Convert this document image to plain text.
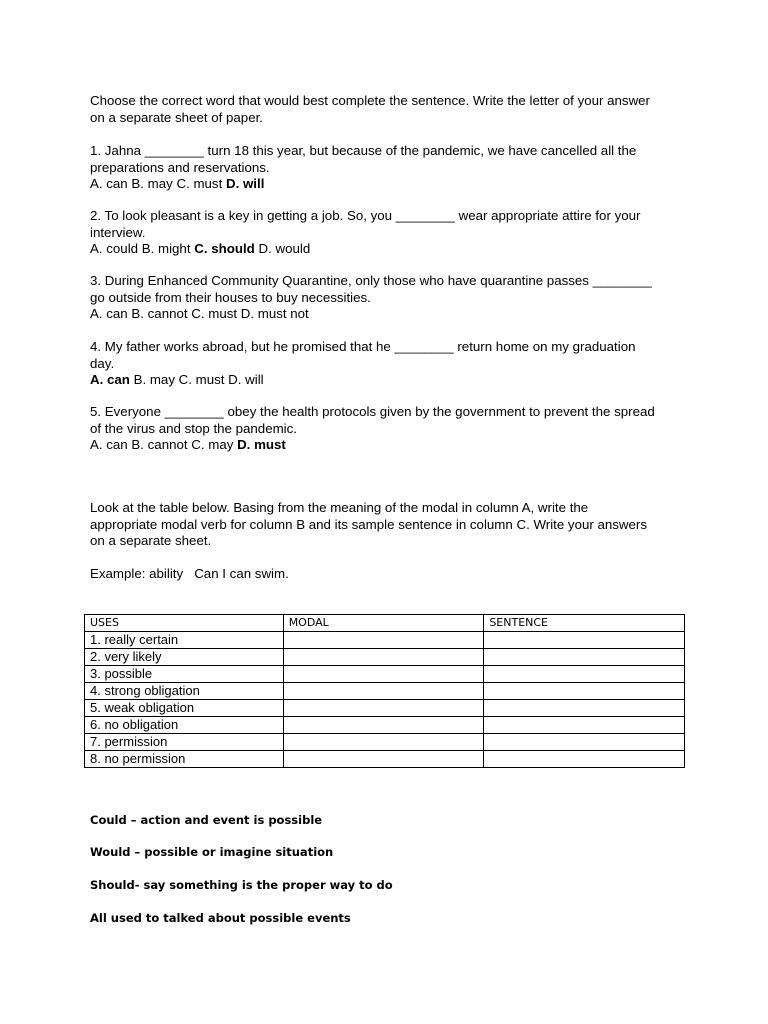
Choose the correct word that would best complete the sentence. Write the letter of your answer

on a separate sheet of paper.

1. Jahna ________ turn 18 this year, but because of the pandemic, we have cancelled all the

preparations and reservations.

A. can B. may C. must D. will

2. To look pleasant is a key in getting a job. So, you ________ wear appropriate attire for your

interview.

A. could B. might C. should D. would

3. During Enhanced Community Quarantine, only those who have quarantine passes ________

go outside from their houses to buy necessities.

A. can B. cannot C. must D. must not

4. My father works abroad, but he promised that he ________ return home on my graduation

day.

A. can B. may C. must D. will

5. Everyone ________ obey the health protocols given by the government to prevent the spread

of the virus and stop the pandemic.

A. can B. cannot C. may D. must

Look at the table below. Basing from the meaning of the modal in column A, write the

appropriate modal verb for column B and its sample sentence in column C. Write your answers

on a separate sheet.

Example: ability   Can I can swim.
USES	MODAL	SENTENCE
1. really certain		
2. very likely		
3. possible		
4. strong obligation		
5. weak obligation		
6. no obligation		
7. permission		
8. no permission		

Could – action and event is possible

Would – possible or imagine situation

Should- say something is the proper way to do

All used to talked about possible events
